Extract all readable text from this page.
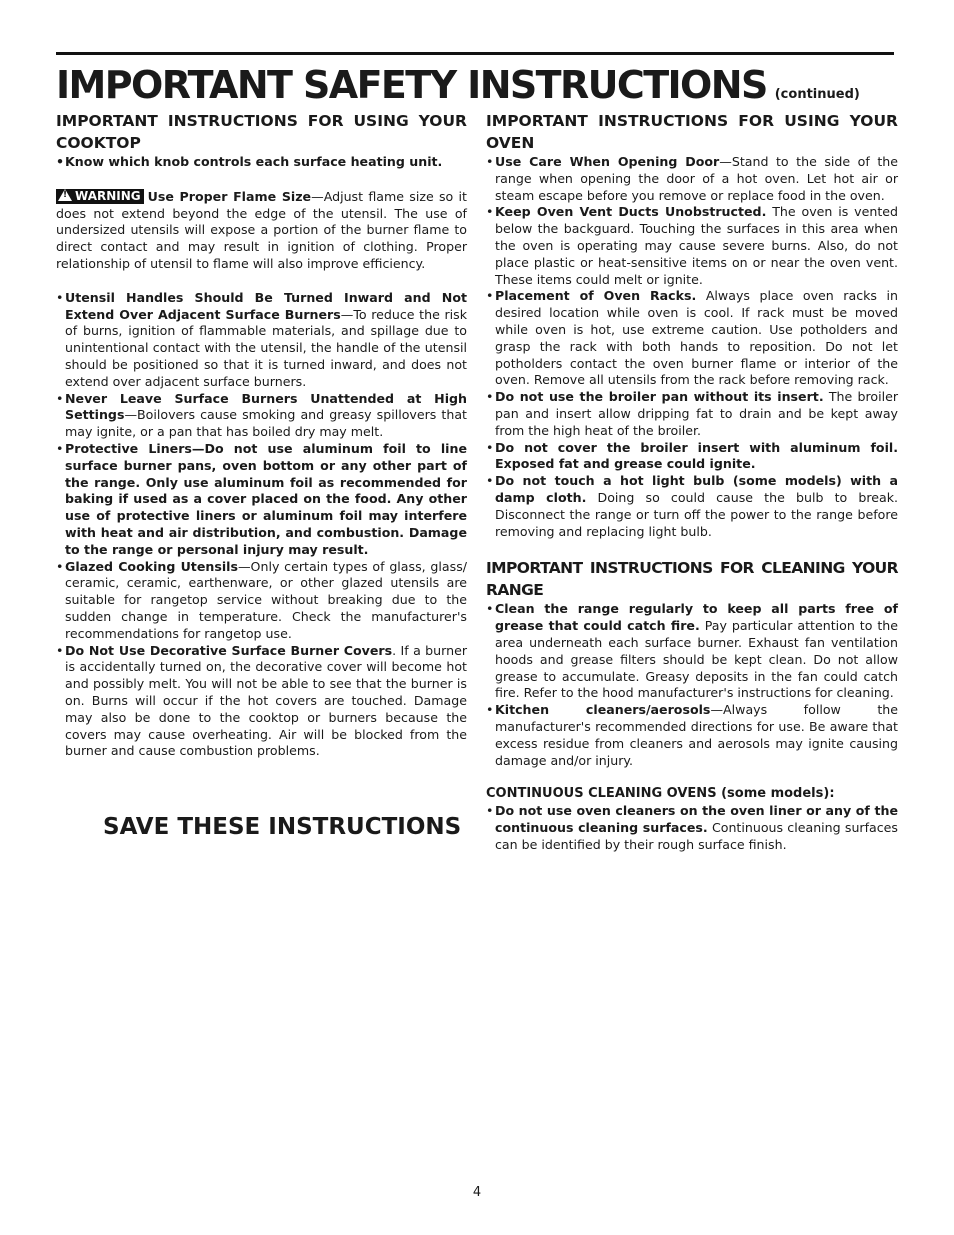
IMPORTANT SAFETY INSTRUCTIONS (continued)
IMPORTANT INSTRUCTIONS FOR USING YOUR COOKTOP
• Know which knob controls each surface heating unit.

! WARNING Use Proper Flame Size—Adjust flame size so it does not extend beyond the edge of the utensil. The use of undersized utensils will expose a portion of the burner flame to direct contact and may result in ignition of clothing. Proper relationship of utensil to flame will also improve efficiency.

• Utensil Handles Should Be Turned Inward and Not Extend Over Adjacent Surface Burners—To reduce the risk of burns, ignition of flammable materials, and spillage due to unintentional contact with the utensil, the handle of the utensil should be positioned so that it is turned inward, and does not extend over adjacent surface burners.
• Never Leave Surface Burners Unattended at High Settings—Boilovers cause smoking and greasy spillovers that may ignite, or a pan that has boiled dry may melt.
• Protective Liners—Do not use aluminum foil to line surface burner pans, oven bottom or any other part of the range. Only use aluminum foil as recommended for baking if used as a cover placed on the food. Any other use of protective liners or aluminum foil may interfere with heat and air distribution, and combustion. Damage to the range or personal injury may result.
• Glazed Cooking Utensils—Only certain types of glass, glass/ ceramic, ceramic, earthenware, or other glazed utensils are suitable for rangetop service without breaking due to the sudden change in temperature. Check the manufacturer's recommendations for rangetop use.
• Do Not Use Decorative Surface Burner Covers. If a burner is accidentally turned on, the decorative cover will become hot and possibly melt. You will not be able to see that the burner is on. Burns will occur if the hot covers are touched. Damage may also be done to the cooktop or burners because the covers may cause overheating. Air will be blocked from the burner and cause combustion problems.
SAVE THESE INSTRUCTIONS
IMPORTANT INSTRUCTIONS FOR USING YOUR OVEN
• Use Care When Opening Door—Stand to the side of the range when opening the door of a hot oven. Let hot air or steam escape before you remove or replace food in the oven.
• Keep Oven Vent Ducts Unobstructed. The oven is vented below the backguard. Touching the surfaces in this area when the oven is operating may cause severe burns. Also, do not place plastic or heat-sensitive items on or near the oven vent. These items could melt or ignite.
• Placement of Oven Racks. Always place oven racks in desired location while oven is cool. If rack must be moved while oven is hot, use extreme caution. Use potholders and grasp the rack with both hands to reposition. Do not let potholders contact the oven burner flame or interior of the oven. Remove all utensils from the rack before removing rack.
• Do not use the broiler pan without its insert. The broiler pan and insert allow dripping fat to drain and be kept away from the high heat of the broiler.
• Do not cover the broiler insert with aluminum foil. Exposed fat and grease could ignite.
• Do not touch a hot light bulb (some models) with a damp cloth. Doing so could cause the bulb to break. Disconnect the range or turn off the power to the range before removing and replacing light bulb.
IMPORTANT INSTRUCTIONS FOR CLEANING YOUR RANGE
• Clean the range regularly to keep all parts free of grease that could catch fire. Pay particular attention to the area underneath each surface burner. Exhaust fan ventilation hoods and grease filters should be kept clean. Do not allow grease to accumulate. Greasy deposits in the fan could catch fire. Refer to the hood manufacturer's instructions for cleaning.
• Kitchen cleaners/aerosols—Always follow the manufacturer's recommended directions for use. Be aware that excess residue from cleaners and aerosols may ignite causing damage and/or injury.
CONTINUOUS CLEANING OVENS (some models):
• Do not use oven cleaners on the oven liner or any of the continuous cleaning surfaces. Continuous cleaning surfaces can be identified by their rough surface finish.
4
